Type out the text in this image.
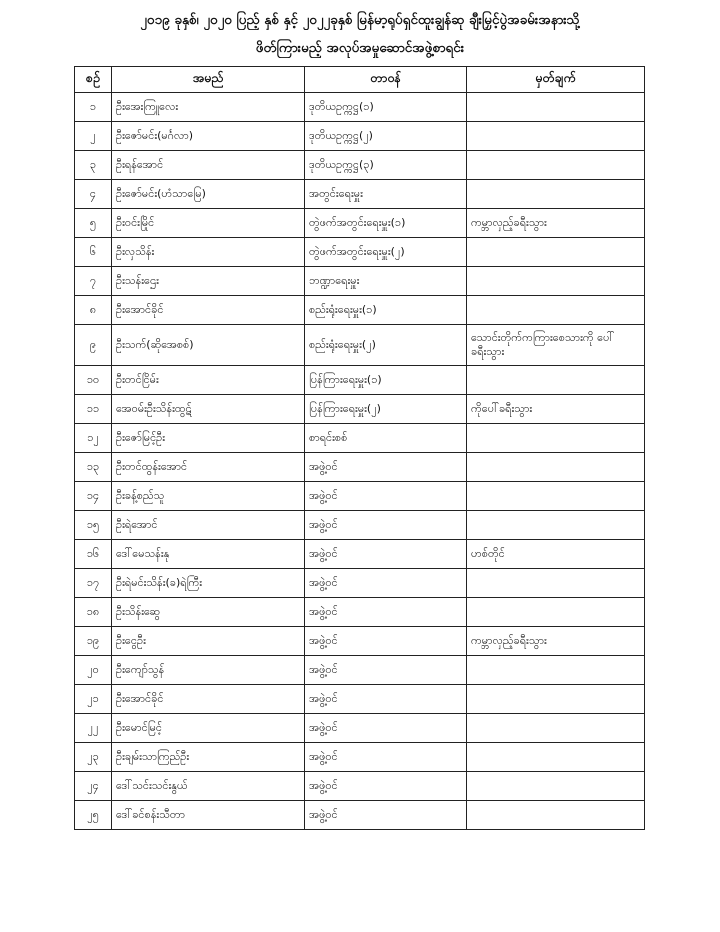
၂၀၁၉ ခုနှစ်၊ ၂၀၂၀ ပြည့် နှစ် နှင့် ၂၀၂၂ခုနှစ် မြန်မာ့ရုပ်ရှင်ထူးချွန်ဆု ချီးမြှင့်ပွဲအခမ်းအနားသို့
ဖိတ်ကြားမည့် အလုပ်အမှုဆောင်အဖွဲ့စာရင်း
စဉ်	အမည်	တာဝန်	မှတ်ချက်
၁	ဦးအေးကြူလေး	ဒုတိယဥက္ကဋ္ဌ(၁)	
၂	ဦးဇော်မင်း(မင်္ဂလာ)	ဒုတိယဥက္ကဋ္ဌ(၂)	
၃	ဦးရန်အောင်	ဒုတိယဥက္ကဋ္ဌ(၃)	
၄	ဦးဇော်မင်း(ဟံသာမြေ)	အတွင်းရေးမှူး	
၅	ဦးဝင်းမြိုင်	တွဲဖက်အတွင်းရေးမှူး(၁)	ကမ္ဘာလှည့်ခရီးသွား
၆	ဦးလှသိန်း	တွဲဖက်အတွင်းရေးမှူး(၂)	
၇	ဦးသန်းဌေး	ဘဏ္ဍာရေးမှူး	
၈	ဦးအောင်ခိုင်	စည်းရုံးရေးမှူး(၁)	
၉	ဦးသက်(ဆိုအေစစ်)	စည်းရုံးရေးမှူး(၂)	သောင်းတိုက်ကကြားစေသားကို ပေါ်ခရီးသွား
၁၀	ဦးတင်ငြိမ်း	ပြန်ကြားရေးမှူး(၁)	
၁၁	အေဝမ်းဦးသိန်းထွဋ်	ပြန်ကြားရေးမှူး(၂)	ကိုပေါ်ခရီးသွား
၁၂	ဦးဇော်မြင့်ဦး	စာရင်းစစ်	
၁၃	ဦးတင်ထွန်းအောင်	အဖွဲ့ဝင်	
၁၄	ဦးခန့်စည်သူ	အဖွဲ့ဝင်	
၁၅	ဦးရဲအောင်	အဖွဲ့ဝင်	
၁၆	ဒေါ်မေသန်းနု	အဖွဲ့ဝင်	ဟစ်တိုင်
၁၇	ဦးရဲမင်းသိန်း(ခ)ရဲကြီး	အဖွဲ့ဝင်	
၁၈	ဦးသိန်းဆွေ	အဖွဲ့ဝင်	
၁၉	ဦးငွေဦး	အဖွဲ့ဝင်	ကမ္ဘာလှည့်ခရီးသွား
၂၀	ဦးကျော်သွန်	အဖွဲ့ဝင်	
၂၁	ဦးအောင်ခိုင်	အဖွဲ့ဝင်	
၂၂	ဦးမောင်မြင့်	အဖွဲ့ဝင်	
၂၃	ဦးချမ်းသာကြည်ဦး	အဖွဲ့ဝင်	
၂၄	ဒေါ်သင်းသင်းနွယ်	အဖွဲ့ဝင်	
၂၅	ဒေါ်ခင်စန်းသီတာ	အဖွဲ့ဝင်	
